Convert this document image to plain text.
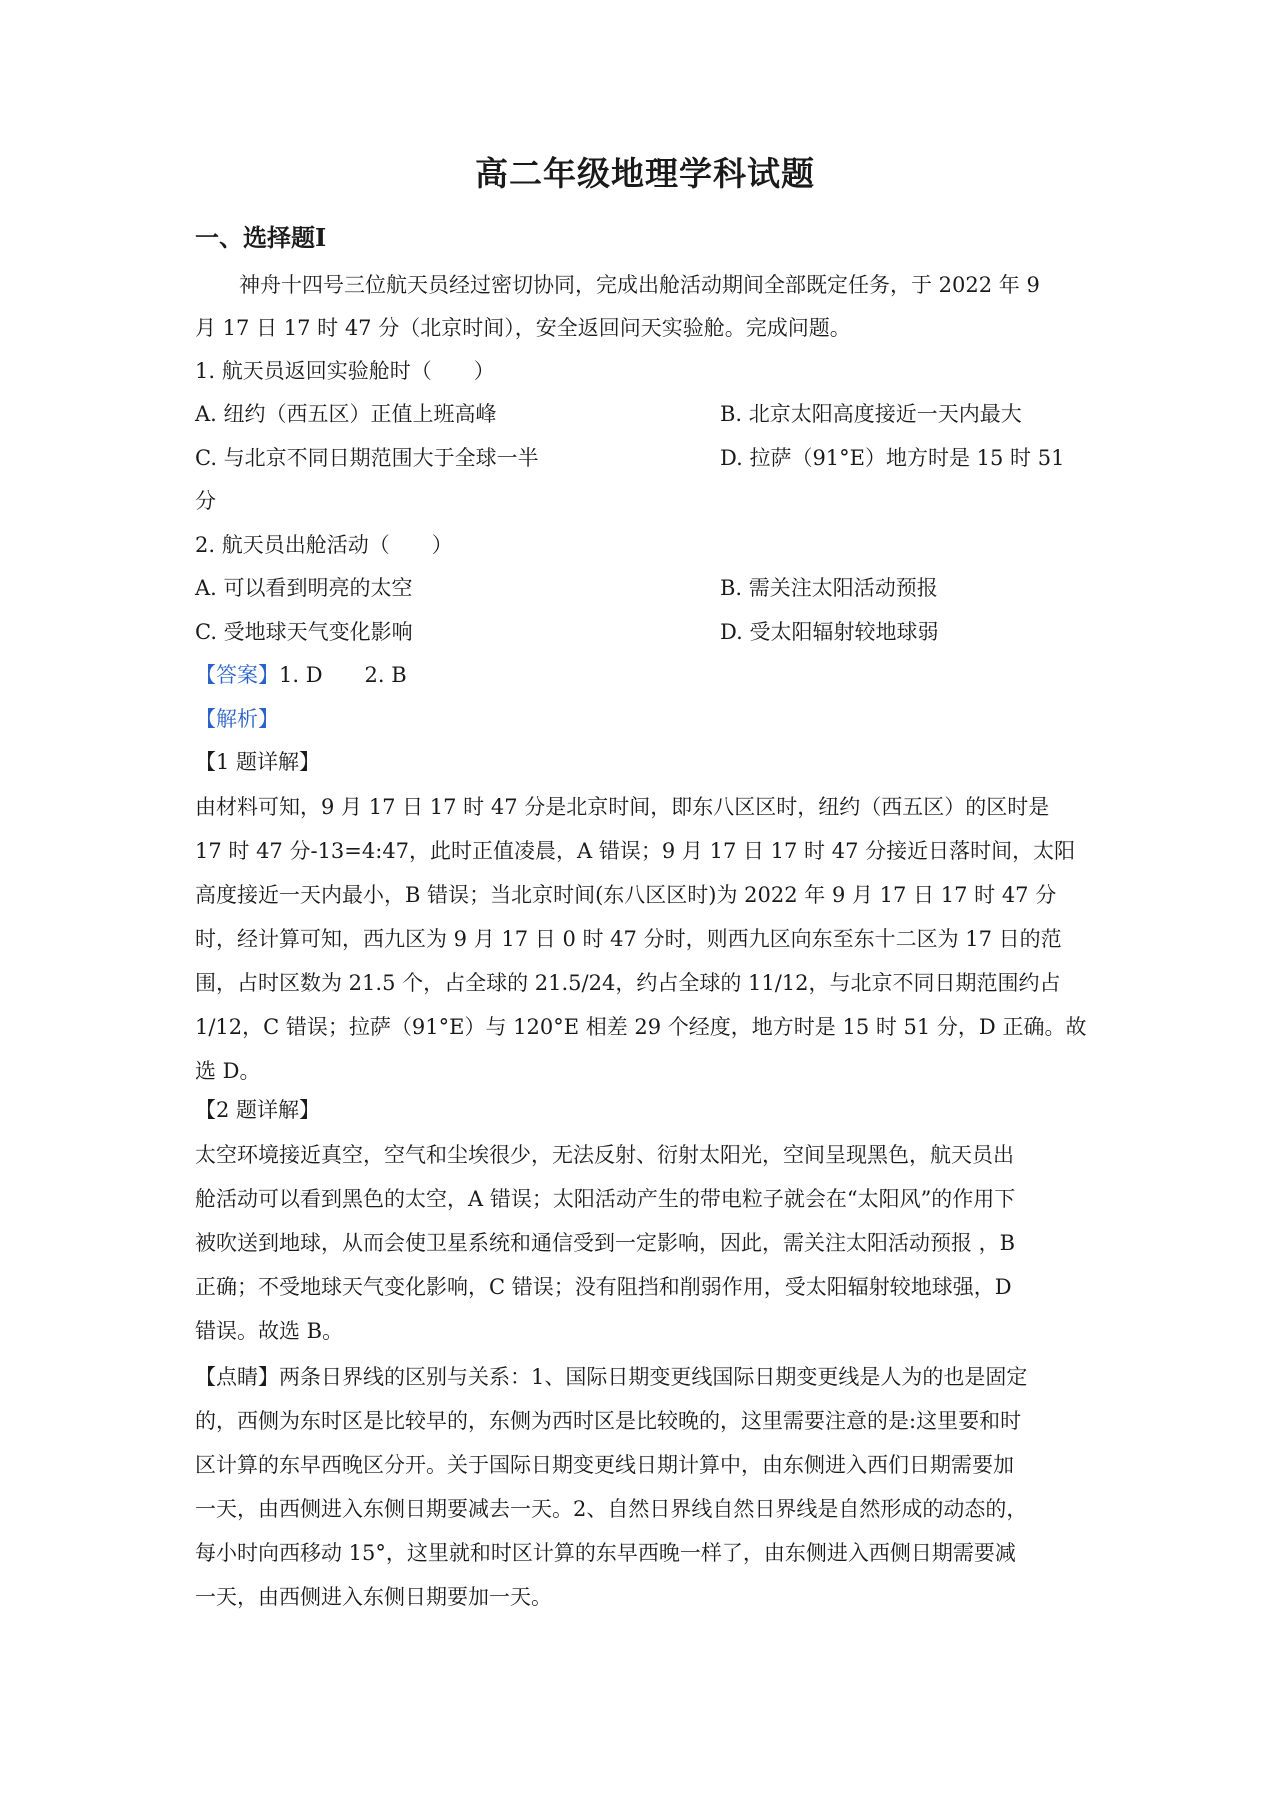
高二年级地理学科试题
一、选择题Ⅰ
神舟十四号三位航天员经过密切协同，完成出舱活动期间全部既定任务，于 2022 年 9
月 17 日 17 时 47 分（北京时间），安全返回问天实验舱。完成问题。
1. 航天员返回实验舱时（　　）
A. 纽约（西五区）正值上班高峰	B. 北京太阳高度接近一天内最大
C. 与北京不同日期范围大于全球一半	D. 拉萨（91°E）地方时是 15 时 51
分
2. 航天员出舱活动（　　）
A. 可以看到明亮的太空	B. 需关注太阳活动预报
C. 受地球天气变化影响	D. 受太阳辐射较地球弱
【答案】1. D　　2. B
【解析】
【1 题详解】
由材料可知，9 月 17 日 17 时 47 分是北京时间，即东八区区时，纽约（西五区）的区时是
17 时 47 分-13=4:47，此时正值凌晨，A 错误；9 月 17 日 17 时 47 分接近日落时间，太阳
高度接近一天内最小，B 错误；当北京时间(东八区区时)为 2022 年 9 月 17 日 17 时 47 分
时，经计算可知，西九区为 9 月 17 日 0 时 47 分时，则西九区向东至东十二区为 17 日的范
围，占时区数为 21.5 个，占全球的 21.5/24，约占全球的 11/12，与北京不同日期范围约占
1/12，C 错误；拉萨（91°E）与 120°E 相差 29 个经度，地方时是 15 时 51 分，D 正确。故
选 D。
【2 题详解】
太空环境接近真空，空气和尘埃很少，无法反射、衍射太阳光，空间呈现黑色，航天员出
舱活动可以看到黑色的太空，A 错误；太阳活动产生的带电粒子就会在“太阳风”的作用下
被吹送到地球，从而会使卫星系统和通信受到一定影响，因此，需关注太阳活动预报 ，B
正确；不受地球天气变化影响，C 错误；没有阻挡和削弱作用，受太阳辐射较地球强，D
错误。故选 B。
【点睛】两条日界线的区别与关系：1、国际日期变更线国际日期变更线是人为的也是固定
的，西侧为东时区是比较早的，东侧为西时区是比较晚的，这里需要注意的是:这里要和时
区计算的东早西晚区分开。关于国际日期变更线日期计算中，由东侧进入西们日期需要加
一天，由西侧进入东侧日期要减去一天。2、自然日界线自然日界线是自然形成的动态的，
每小时向西移动 15°，这里就和时区计算的东早西晚一样了，由东侧进入西侧日期需要减
一天，由西侧进入东侧日期要加一天。
